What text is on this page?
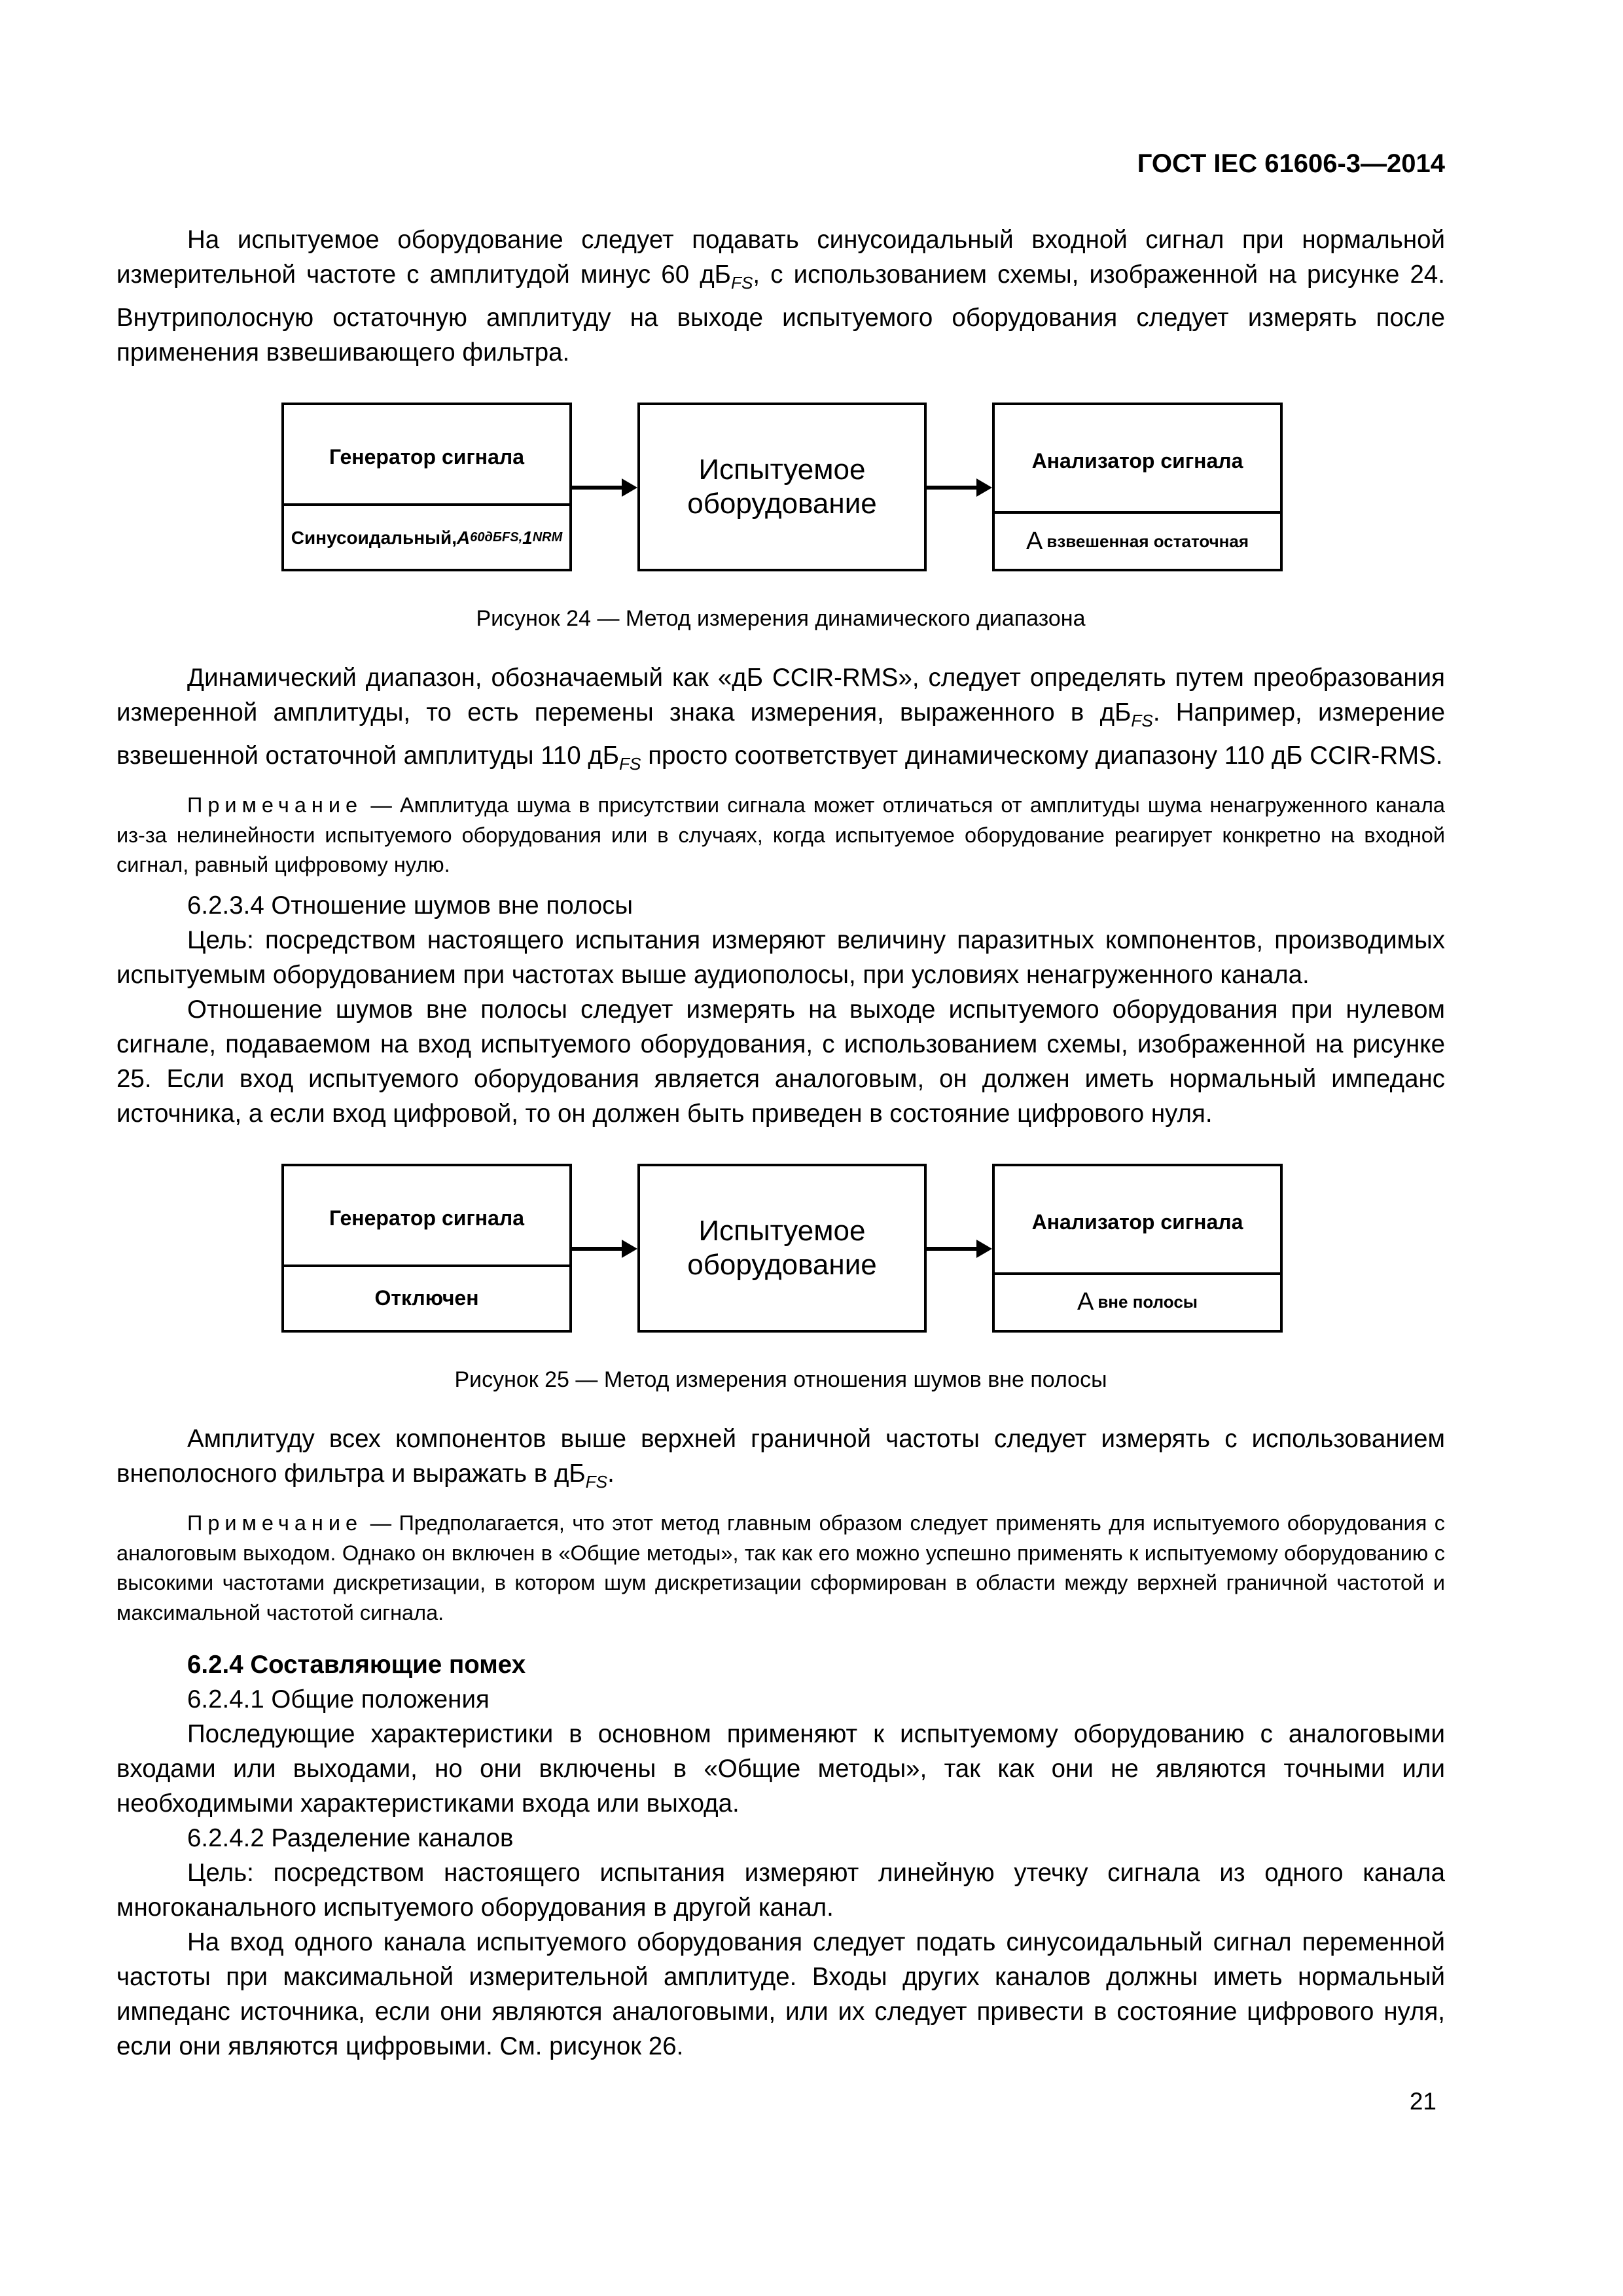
ГОСТ IEC 61606-3—2014

На испытуемое оборудование следует подавать синусоидальный входной сигнал при нормальной измерительной частоте с амплитудой минус 60 $дБ_{FS}$, с использованием схемы, изображенной на рисунке 24. Внутриполосную остаточную амплитуду на выходе испытуемого оборудования следует измерять после применения взвешивающего фильтра.

Генератор сигнала
Синусоидальный, A 60дБFS, 1 NRM
Испытуемое оборудование
Анализатор сигнала
A взвешенная остаточная

Рисунок 24 — Метод измерения динамического диапазона

Динамический диапазон, обозначаемый как «дБ CCIR-RMS», следует определять путем преобразования измеренной амплитуды, то есть перемены знака измерения, выраженного в $дБ_{FS}$. Например, измерение взвешенной остаточной амплитуды 110 $дБ_{FS}$ просто соответствует динамическому диапазону 110 дБ CCIR-RMS.

Примечание — Амплитуда шума в присутствии сигнала может отличаться от амплитуды шума ненагруженного канала из-за нелинейности испытуемого оборудования или в случаях, когда испытуемое оборудование реагирует конкретно на входной сигнал, равный цифровому нулю.

6.2.3.4 Отношение шумов вне полосы

Цель: посредством настоящего испытания измеряют величину паразитных компонентов, производимых испытуемым оборудованием при частотах выше аудиополосы, при условиях ненагруженного канала.

Отношение шумов вне полосы следует измерять на выходе испытуемого оборудования при нулевом сигнале, подаваемом на вход испытуемого оборудования, с использованием схемы, изображенной на рисунке 25. Если вход испытуемого оборудования является аналоговым, он должен иметь нормальный импеданс источника, а если вход цифровой, то он должен быть приведен в состояние цифрового нуля.

Генератор сигнала
Отключен
Испытуемое оборудование
Анализатор сигнала
A вне полосы

Рисунок 25 — Метод измерения отношения шумов вне полосы

Амплитуду всех компонентов выше верхней граничной частоты следует измерять с использованием внеполосного фильтра и выражать в $дБ_{FS}$.

Примечание — Предполагается, что этот метод главным образом следует применять для испытуемого оборудования с аналоговым выходом. Однако он включен в «Общие методы», так как его можно успешно применять к испытуемому оборудованию с высокими частотами дискретизации, в котором шум дискретизации сформирован в области между верхней граничной частотой и максимальной частотой сигнала.

6.2.4 Составляющие помех

6.2.4.1 Общие положения

Последующие характеристики в основном применяют к испытуемому оборудованию с аналоговыми входами или выходами, но они включены в «Общие методы», так как они не являются точными или необходимыми характеристиками входа или выхода.

6.2.4.2 Разделение каналов

Цель: посредством настоящего испытания измеряют линейную утечку сигнала из одного канала многоканального испытуемого оборудования в другой канал.

На вход одного канала испытуемого оборудования следует подать синусоидальный сигнал переменной частоты при максимальной измерительной амплитуде. Входы других каналов должны иметь нормальный импеданс источника, если они являются аналоговыми, или их следует привести в состояние цифрового нуля, если они являются цифровыми. См. рисунок 26.

21
